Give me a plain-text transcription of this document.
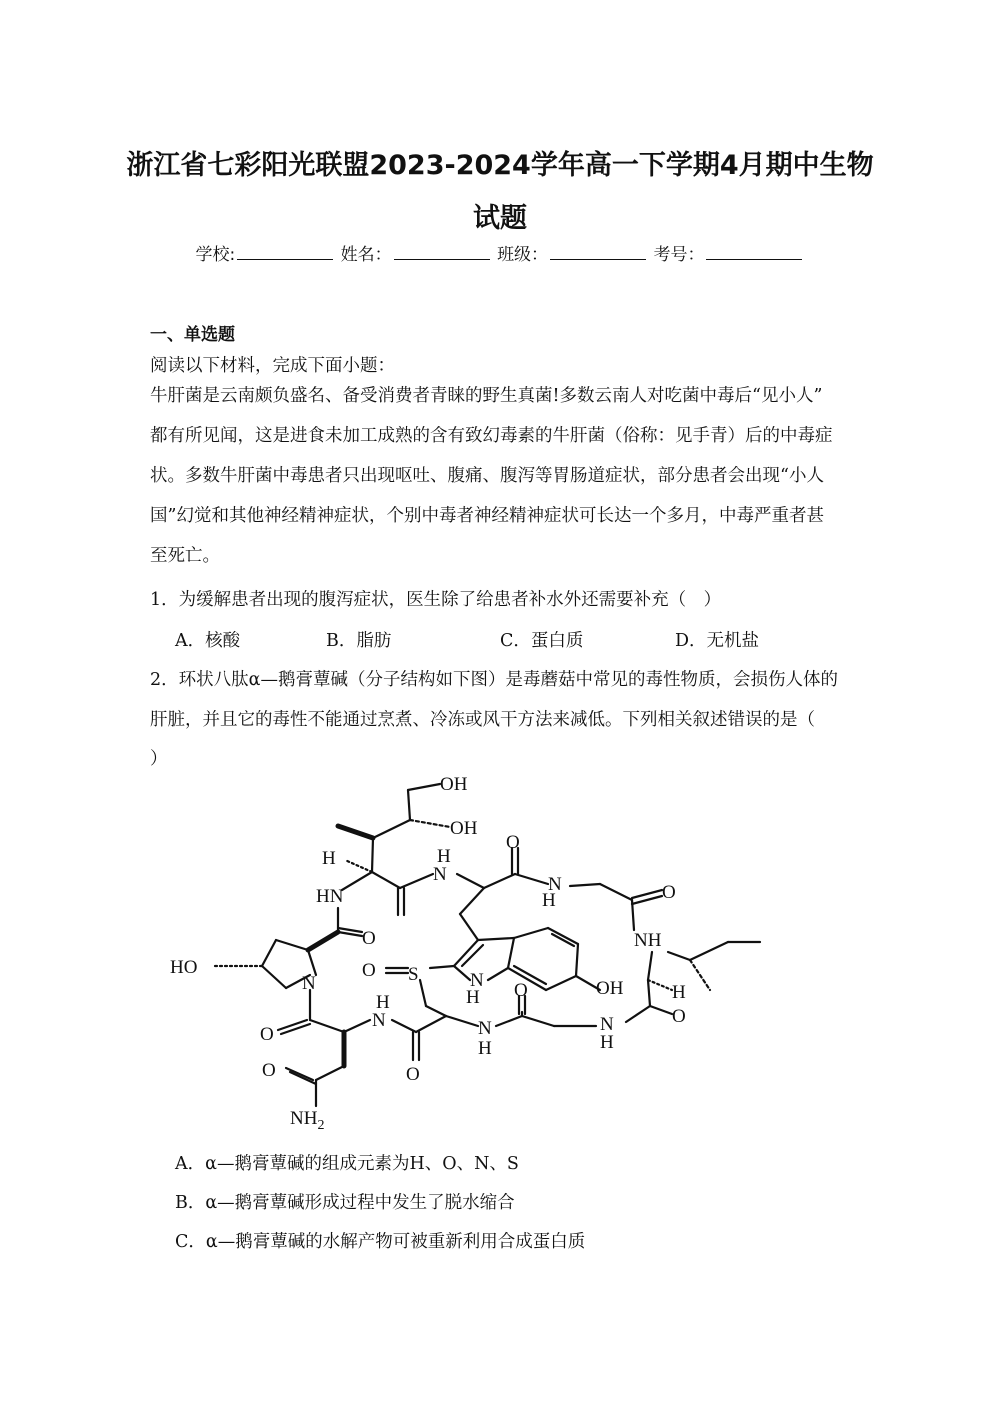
浙江省七彩阳光联盟2023-2024学年高一下学期4月期中生物
试题
学校:	姓名：	班级：	考号：
一、单选题
阅读以下材料，完成下面小题：
牛肝菌是云南颇负盛名、备受消费者青睐的野生真菌!多数云南人对吃菌中毒后“见小人”
都有所见闻，这是进食未加工成熟的含有致幻毒素的牛肝菌（俗称：见手青）后的中毒症
状。多数牛肝菌中毒患者只出现呕吐、腹痛、腹泻等胃肠道症状，部分患者会出现“小人
国”幻觉和其他神经精神症状，个别中毒者神经精神症状可长达一个多月，中毒严重者甚
至死亡。
1．为缓解患者出现的腹泻症状，医生除了给患者补水外还需要补充（　）
A．核酸	B．脂肪	C．蛋白质	D．无机盐
2．环状八肽α—鹅膏蕈碱（分子结构如下图）是毒蘑菇中常见的毒性物质，会损伤人体的
肝脏，并且它的毒性不能通过烹煮、冷冻或风干方法来减低。下列相关叙述错误的是（
）
OH
OH
H
N
H
O
N
H	O
NH
HN
O
HO
N
O S	N
H	OH	H
O
N
H
O
N
H
N
H
O
O
O
$NH_2$
A．α—鹅膏蕈碱的组成元素为H、O、N、S
B．α—鹅膏蕈碱形成过程中发生了脱水缩合
C．α—鹅膏蕈碱的水解产物可被重新利用合成蛋白质
